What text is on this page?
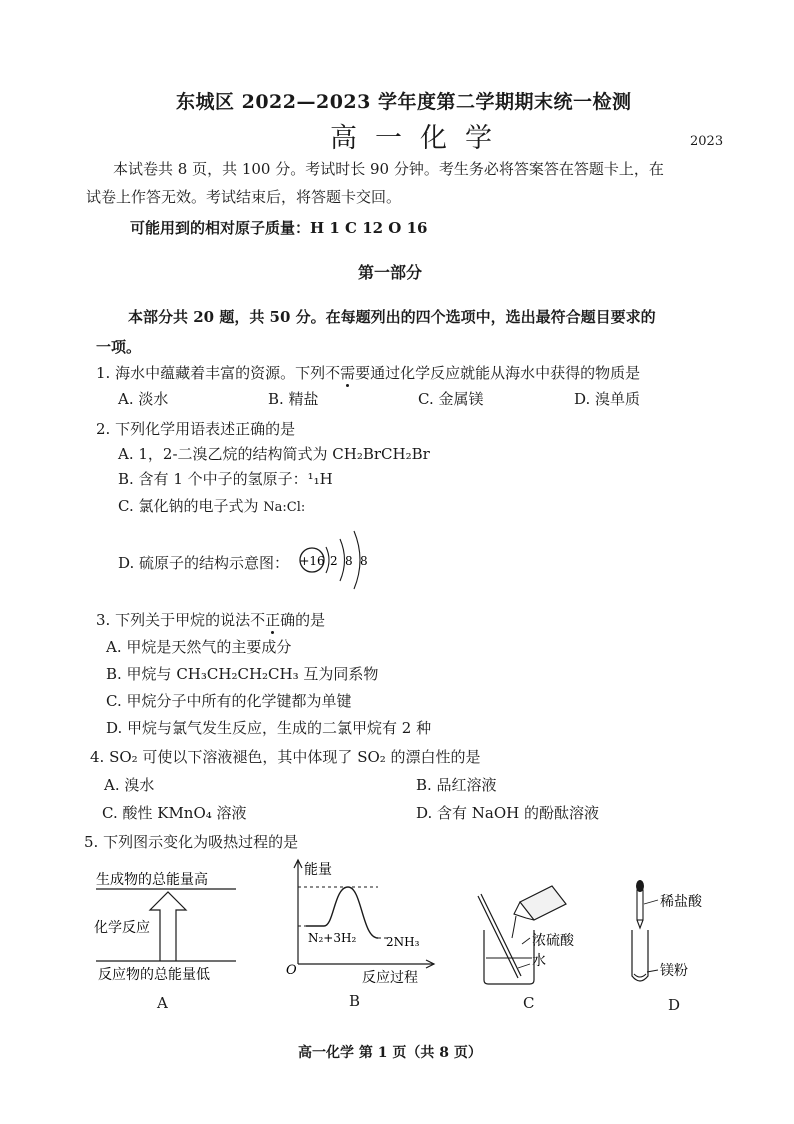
东城区 2022—2023 学年度第二学期期末统一检测
高一化学	2023
本试卷共 8 页，共 100 分。考试时长 90 分钟。考生务必将答案答在答题卡上，在
试卷上作答无效。考试结束后，将答题卡交回。
可能用到的相对原子质量：H 1 C 12 O 16
第一部分
本部分共 20 题，共 50 分。在每题列出的四个选项中，选出最符合题目要求的
一项。
1. 海水中蕴藏着丰富的资源。下列不需要通过化学反应就能从海水中获得的物质是
A. 淡水	B. 精盐	C. 金属镁	D. 溴单质
2. 下列化学用语表述正确的是
A. 1，2-二溴乙烷的结构简式为 CH₂BrCH₂Br
B. 含有 1 个中子的氢原子：¹₁H
C. 氯化钠的电子式为 Na:Cl:
D. 硫原子的结构示意图： +16 2 8 8
3. 下列关于甲烷的说法不正确的是
A. 甲烷是天然气的主要成分
B. 甲烷与 CH₃CH₂CH₂CH₃ 互为同系物
C. 甲烷分子中所有的化学键都为单键
D. 甲烷与氯气发生反应，生成的二氯甲烷有 2 种
4. SO₂ 可使以下溶液褪色，其中体现了 SO₂ 的漂白性的是
A. 溴水	B. 品红溶液
C. 酸性 KMnO₄ 溶液	D. 含有 NaOH 的酚酞溶液
5. 下列图示变化为吸热过程的是
生成物的总能量高
化学反应
反应物的总能量低
A
能量
O
N₂+3H₂ 2NH₃
反应过程
B
浓硫酸
水
C
稀盐酸
镁粉
D
高一化学 第 1 页（共 8 页）
